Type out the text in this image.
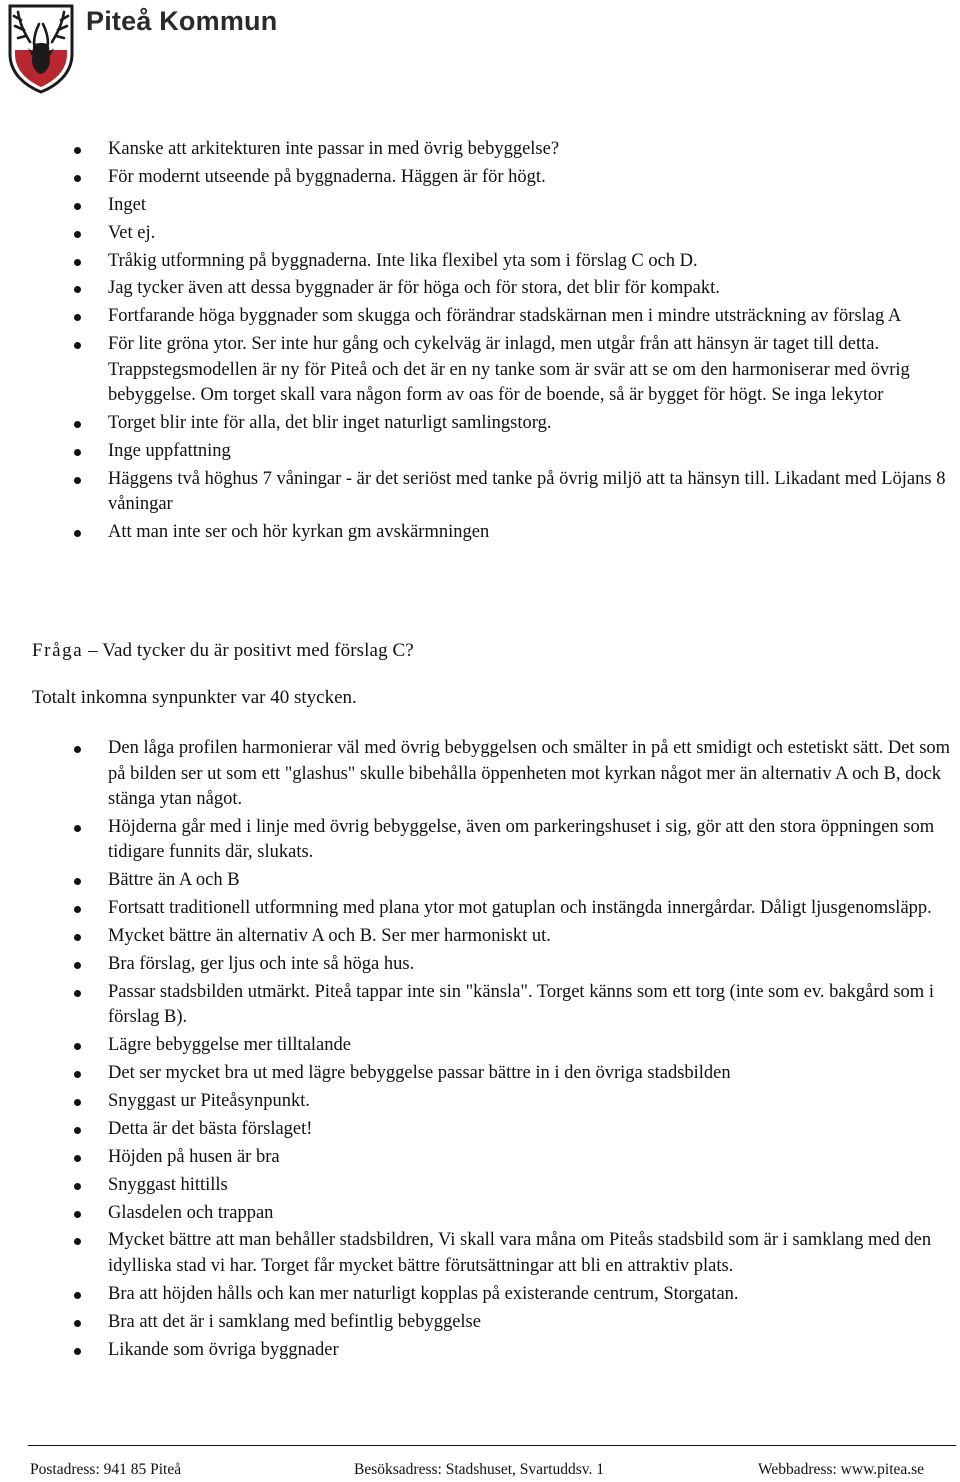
Piteå Kommun
Kanske att arkitekturen inte passar in med övrig bebyggelse?
För modernt utseende på byggnaderna. Häggen är för högt.
Inget
Vet ej.
Tråkig utformning på byggnaderna. Inte lika flexibel yta som i förslag C och D.
Jag tycker även att dessa byggnader är för höga och för stora, det blir för kompakt.
Fortfarande höga byggnader som skugga och förändrar stadskärnan men i mindre utsträckning av förslag A
För lite gröna ytor. Ser inte hur gång och cykelväg är inlagd, men utgår från att hänsyn är taget till detta. Trappstegsmodellen är ny för Piteå och det är en ny tanke som är svär att se om den harmoniserar med övrig bebyggelse. Om torget skall vara någon form av oas för de boende, så är bygget för högt. Se inga lekytor
Torget blir inte för alla, det blir inget naturligt samlingstorg.
Inge uppfattning
Häggens två höghus 7 våningar - är det seriöst med tanke på övrig miljö att ta hänsyn till. Likadant med Löjans 8 våningar
Att man inte ser och hör kyrkan gm avskärmningen
Fråga – Vad tycker du är positivt med förslag C?
Totalt inkomna synpunkter var 40 stycken.
Den låga profilen harmonierar väl med övrig bebyggelsen och smälter in på ett smidigt och estetiskt sätt. Det som på bilden ser ut som ett "glashus" skulle bibehålla öppenheten mot kyrkan något mer än alternativ A och B, dock stänga ytan något.
Höjderna går med i linje med övrig bebyggelse, även om parkeringshuset i sig, gör att den stora öppningen som tidigare funnits där, slukats.
Bättre än A och B
Fortsatt traditionell utformning med plana ytor mot gatuplan och instängda innergårdar. Dåligt ljusgenomsläpp.
Mycket bättre än alternativ A och B. Ser mer harmoniskt ut.
Bra förslag, ger ljus och inte så höga hus.
Passar stadsbilden utmärkt. Piteå tappar inte sin "känsla". Torget känns som ett torg (inte som ev. bakgård som i förslag B).
Lägre bebyggelse mer tilltalande
Det ser mycket bra ut med lägre bebyggelse passar bättre in i den övriga stadsbilden
Snyggast ur Piteåsynpunkt.
Detta är det bästa förslaget!
Höjden på husen är bra
Snyggast hittills
Glasdelen och trappan
Mycket bättre att man behåller stadsbildren, Vi skall vara måna om Piteås stadsbild som är i samklang med den idylliska stad vi har. Torget får mycket bättre förutsättningar att bli en attraktiv plats.
Bra att höjden hålls och kan mer naturligt kopplas på existerande centrum, Storgatan.
Bra att det är i samklang med befintlig bebyggelse
Likande som övriga byggnader
Postadress: 941 85 Piteå	Besöksadress: Stadshuset, Svartuddsv. 1	Webbadress: www.pitea.se
